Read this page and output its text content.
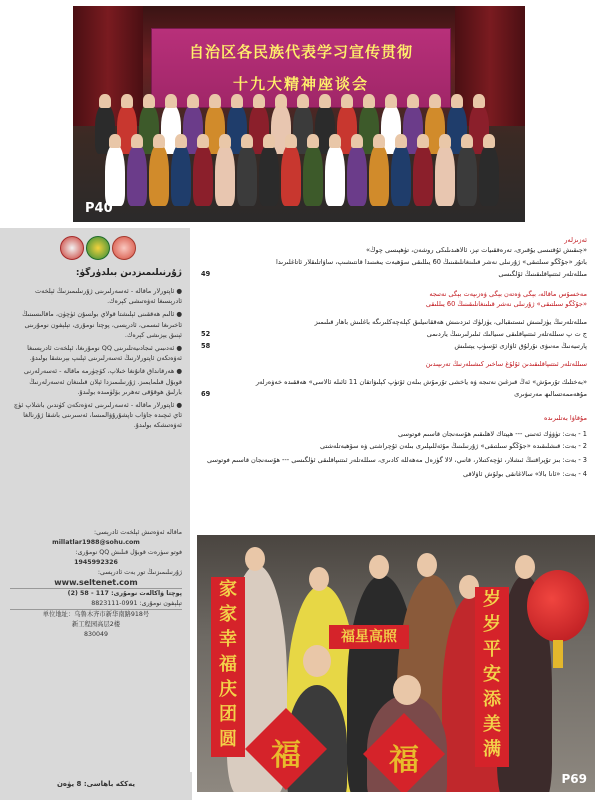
自治区各民族代表学习宣传贯彻
十九大精神座谈会
P40
ژۇرنىلىمىزدىن بىلدۈرگۈ:

● ئاپتورلار ماقالە - ئەسەرلىرىنى ژۇرنىلىمىزنىڭ ئېلخەت ئادرېسىغا ئەۋەتىشى كېرەك.

● ئالىم ھەققىنى ئېلىشتا قولاي بولسۇن ئۈچۈن، ماقالىسىنىڭ ئاخىرىغا ئىسمى، ئادرېسى، پوچتا نومۇرى، تېلېفون نومۇرىنى ئېنىق يېزىشى كېرەك.

● ئەدىبىي ئىجادىيەتلىرىنى QQ نومۇرىغا، ئېلخەت ئادرېسىغا ئەۋەتكەن ئاپتورلارنىڭ ئەسەرلىرىنى ئېلىپ بېرىشقا بولىدۇ.

● ھەرقانداق قانۇنغا خىلاپ، كۆچۈرمە ماقالە - ئەسەرلەرنى قوبۇل قىلمايمىز. ژۇرنىلىمىزدا ئېلان قىلىنغان ئەسەرلەرنىڭ بارلىق ھوقۇقى تەھرىر بۆلۈمىدە بولىدۇ.

● ئاپتورلار ماقالە - ئەسەرلىرىنى ئەۋەتكەن كۈندىن باشلاپ ئۈچ ئاي ئىچىدە جاۋاب تاپشۇرۇۋالمىسا، ئەسىرىنى باشقا ژۇرنالغا ئەۋەتىشكە بولىدۇ.

ماقالە ئەۋەتىش ئېلخەت ئادرېسى:
millatlar1988@sohu.com
فوتو سۈرەت قوبۇل قىلىش QQ نومۇرى:
1945992326
ژۇرنىلىمىزنىڭ تور بەت ئادرېسى:
www.seltenet.com
پوچتا ۋاكالەت نومۇرى: 117 - 58 (2)
تېلېفون نومۇرى: 0991-8823111
单位地址：乌鲁木齐市新华南路918号
新工程园高层2楼
830049
ئەزىزلەر
«چىقىش ئۇقتىسى يۇقىرى، تەرەققىيات تېز، ئالاھىدىلىكى روشەن، تۈھپىسى چوڭ»
باتۇر «جۇڭگو سىلتىقى» ژۇرنىلى نەشر قىلىنغانلىقىنىڭ 60 يىللىقى سۆھبەت يىغىنىدا قانتىشىپ، ساۋاتلىقلار ئاتاغلىرىدا
مىللەتلەر ئىتتىپاقلىقىنىڭ ئۆلگىسى
49
مەخسۇس ماقالە، بېگى ۋەتەن بېگى ۋەزىپەت بېگى نەتىجە
«جۇڭگو سىلتىقى» ژۇرنىلى نەشر قىلىنغانلىقىنىڭ 60 يىللىقى
مىللەتلەرنىڭ يۈزلىنىش ئىستىقبالى، يۈزلۈك ئىزدىنىش ھەققانىيلىق كېلەچەكلىرىگە باغلىش باھار قىلىمىز
ج ت پ سىللەتلەر ئىتتىپاقلىقى سىيالىك ئىلىرلىرىنىڭ ياردىمى
52
پارتىيەنىڭ مەنىۋى نۇرلۇق ئاۋازى ئۆسۈپ يېتىلىش
58
سىللەتلەر ئىتتىپاقلىقىدىن ئۇلۇغ ساخىر كىشىلەرنىڭ تەرىپىدىن
«بەختلىك تۇرمۇش» ئەڭ قىزغىن نەتىجە ۋە ياخشى تۇرمۇش بىلەن ئۆتۈپ كېلىۋاتقان 11 ئائىلە ئالاسى» ھەققىدە خەۋەرلەر
مۇھەممەتسالىھ مەرتىۋىرى
69
مۇقاۋا بەتلىرىدە
1 - بەت: تۈۋۈك ئەتىنى --- ھېيتاك لاھلىقىم ھۆسەنجان قاسىم فوتوسى
2 - بەت: قىشلىقىدە «جۇڭگو سىلتىقى» ژۇرنىلىنىڭ مۇئەللىپلىرى بىلەن ئۇچراشتى ۋە سۆھبەتلەشتى
3 - بەت: بىز تۇپراقنىڭ ئىشلار، ئۈچەكتىلار، قانىي، لالا گۈزەل مەھەللە كادىرى، سىللەتلەر ئىتتىپاقلىقى ئۈلگىسى --- ھۆسەنجان قاسىم فوتوسى
4 - بەت: «ئانا بالا» سالاغانقى بولۇش ئاۋلاقى
家
家
幸
福
庆
团
圆
岁
岁
平
安
添
美
满
福星高照
福	福
P69
يەككە باھاسى: 8 يۈەن
